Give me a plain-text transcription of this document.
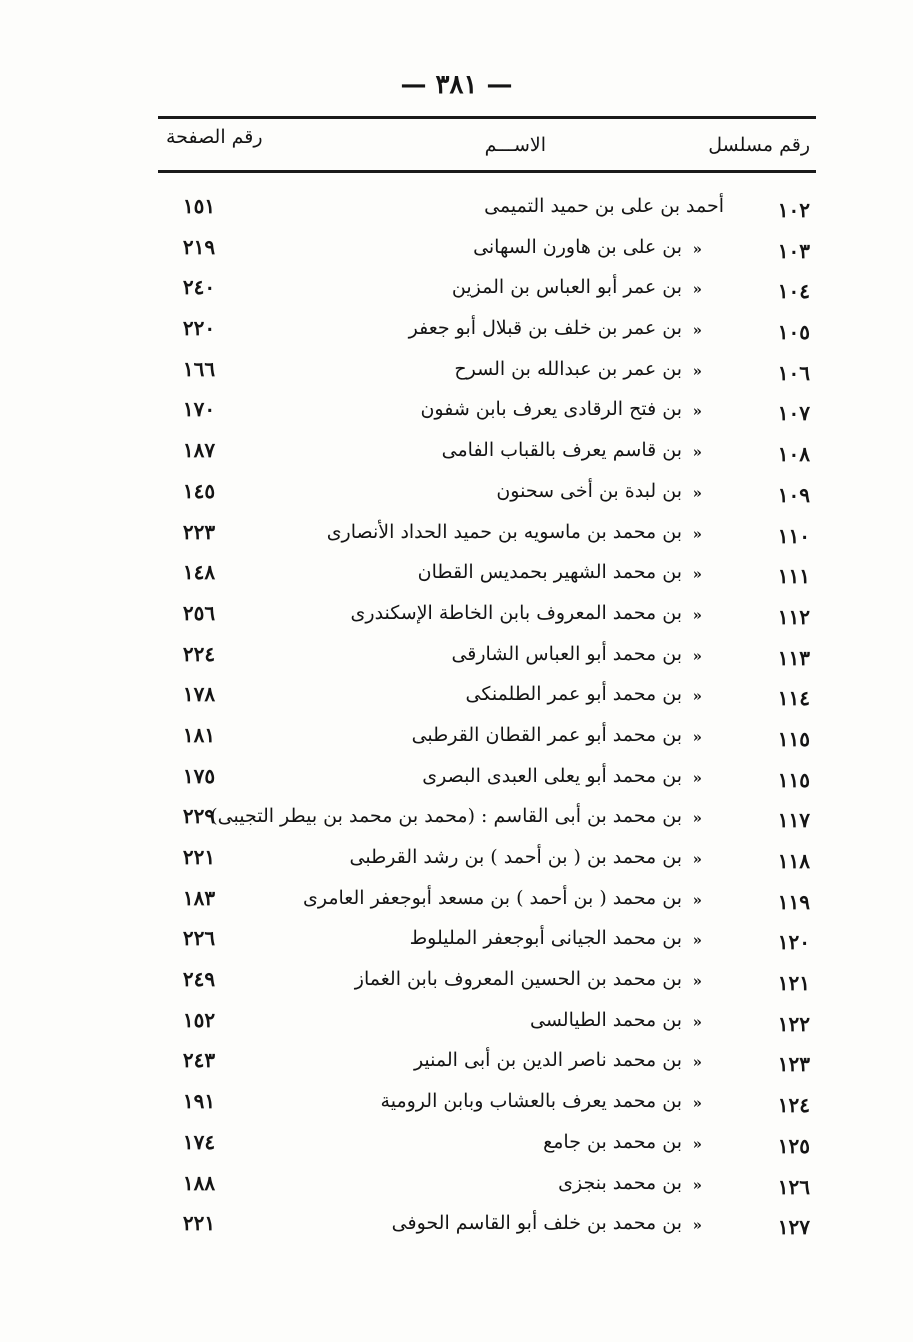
— ٣٨١ —
رقم مسلسل
الاســـم
رقم الصفحة
١٠٢
أحمد بن على بن حميد التميمى
١٥١
١٠٣
«
بن على بن هاورن السهانى
٢١٩
١٠٤
«
بن عمر أبو العباس بن المزين
٢٤٠
١٠٥
«
بن عمر بن خلف بن قبلال أبو جعفر
٢٢٠
١٠٦
«
بن عمر بن عبدالله بن السرح
١٦٦
١٠٧
«
بن فتح الرقادى يعرف بابن شفون
١٧٠
١٠٨
«
بن قاسم يعرف بالقباب الفامى
١٨٧
١٠٩
«
بن لبدة بن أخى سحنون
١٤٥
١١٠
«
بن محمد بن ماسويه بن حميد الحداد الأنصارى
٢٢٣
١١١
«
بن محمد الشهير بحمديس القطان
١٤٨
١١٢
«
بن محمد المعروف بابن الخاطة الإسكندرى
٢٥٦
١١٣
«
بن محمد أبو العباس الشارقى
٢٢٤
١١٤
«
بن محمد أبو عمر الطلمنكى
١٧٨
١١٥
«
بن محمد أبو عمر القطان القرطبى
١٨١
١١٥
«
بن محمد أبو يعلى العبدى البصرى
١٧٥
١١٧
«
بن محمد بن أبى القاسم : (محمد بن محمد بن بيطر التجيبى)
٢٢٩
١١٨
«
بن محمد بن ( بن أحمد ) بن رشد القرطبى
٢٢١
١١٩
«
بن محمد ( بن أحمد ) بن مسعد أبوجعفر العامرى
١٨٣
١٢٠
«
بن محمد الجيانى أبوجعفر المليلوط
٢٢٦
١٢١
«
بن محمد بن الحسين المعروف بابن الغماز
٢٤٩
١٢٢
«
بن محمد الطيالسى
١٥٢
١٢٣
«
بن محمد ناصر الدين بن أبى المنير
٢٤٣
١٢٤
«
بن محمد يعرف بالعشاب وبابن الرومية
١٩١
١٢٥
«
بن محمد بن جامع
١٧٤
١٢٦
«
بن محمد بنجزى
١٨٨
١٢٧
«
بن محمد بن خلف أبو القاسم الحوفى
٢٢١
